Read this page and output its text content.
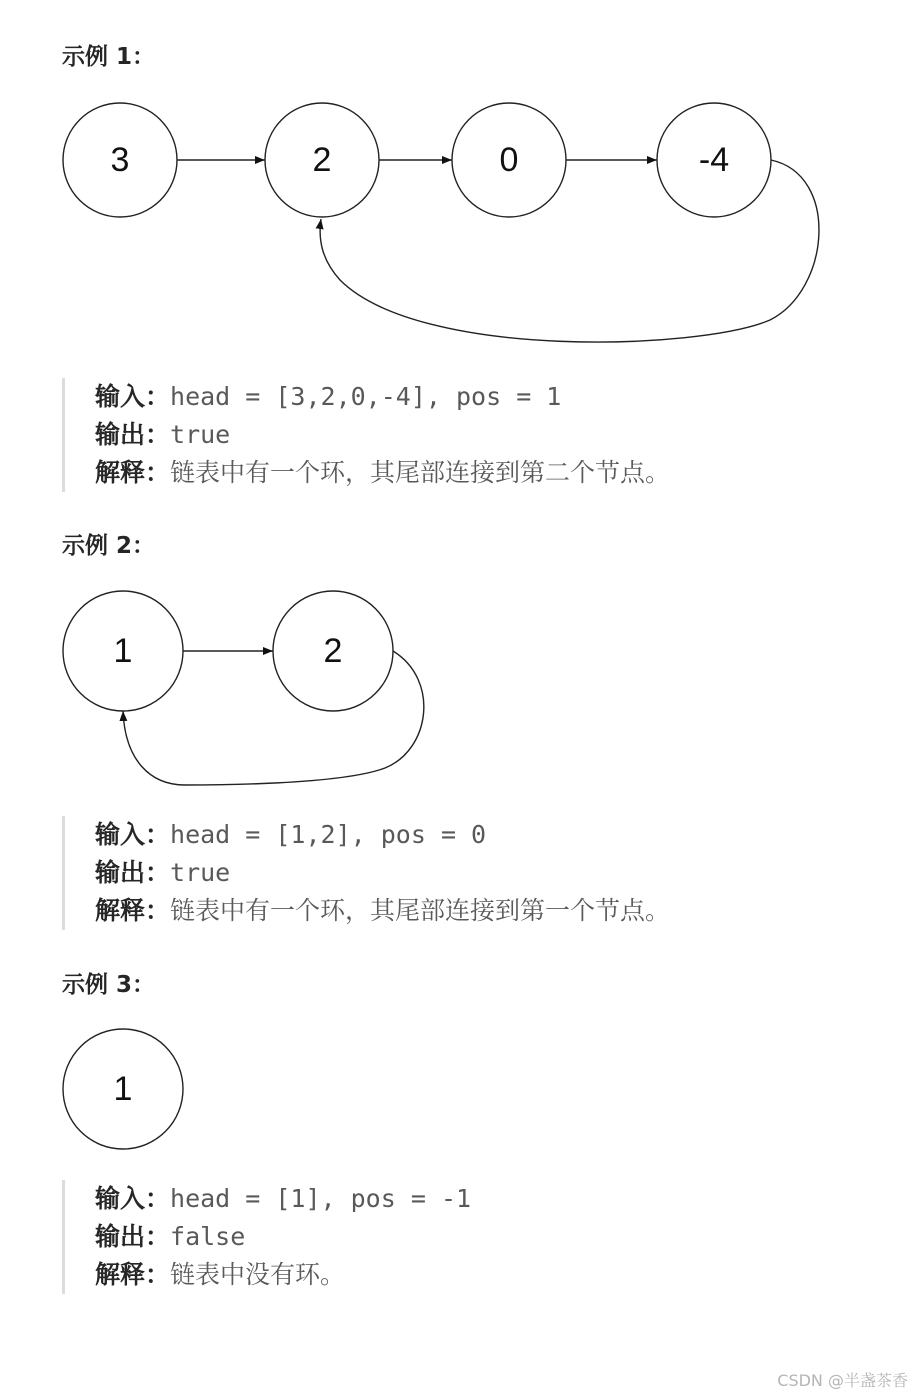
示例 1：
3	2	0	-4
输入：head = [3,2,0,-4], pos = 1
输出：true
解释：链表中有一个环，其尾部连接到第二个节点。
示例 2：
1	2
输入：head = [1,2], pos = 0
输出：true
解释：链表中有一个环，其尾部连接到第一个节点。
示例 3：
1
输入：head = [1], pos = -1
输出：false
解释：链表中没有环。
CSDN @半盏茶香
